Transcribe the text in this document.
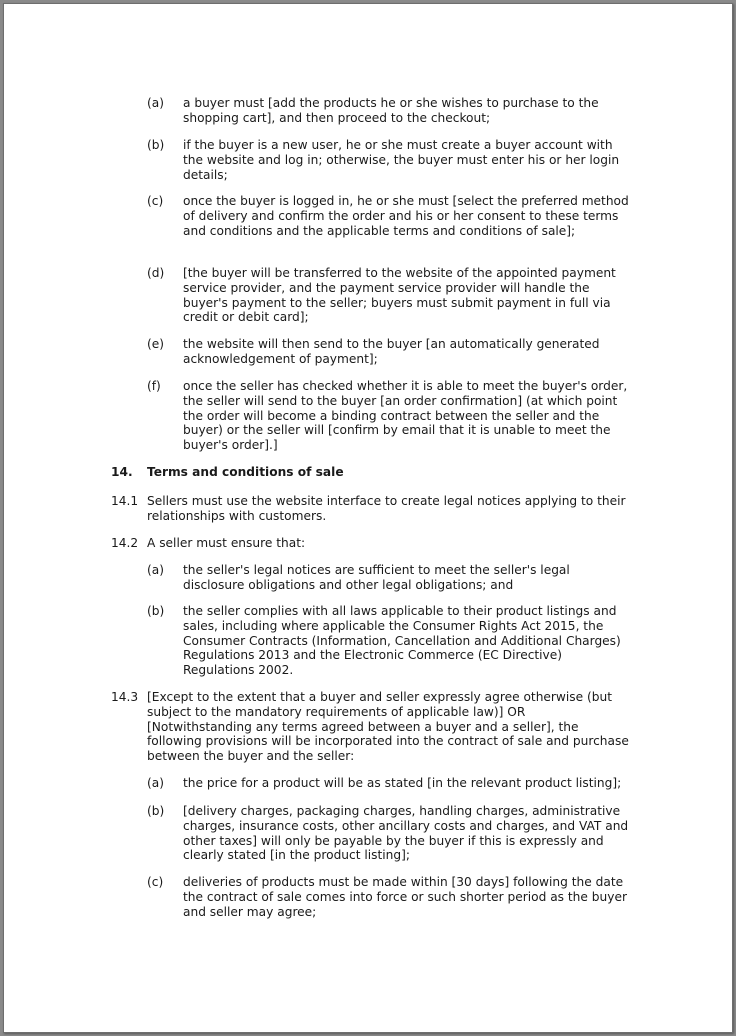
(a) a buyer must [add the products he or she wishes to purchase to the shopping cart], and then proceed to the checkout;
(b) if the buyer is a new user, he or she must create a buyer account with the website and log in; otherwise, the buyer must enter his or her login details;
(c) once the buyer is logged in, he or she must [select the preferred method of delivery and confirm the order and his or her consent to these terms and conditions and the applicable terms and conditions of sale];
(d) [the buyer will be transferred to the website of the appointed payment service provider, and the payment service provider will handle the buyer's payment to the seller; buyers must submit payment in full via credit or debit card];
(e) the website will then send to the buyer [an automatically generated acknowledgement of payment];
(f) once the seller has checked whether it is able to meet the buyer's order, the seller will send to the buyer [an order confirmation] (at which point the order will become a binding contract between the seller and the buyer) or the seller will [confirm by email that it is unable to meet the buyer's order].]
14. Terms and conditions of sale
14.1 Sellers must use the website interface to create legal notices applying to their relationships with customers.
14.2 A seller must ensure that:
(a) the seller's legal notices are sufficient to meet the seller's legal disclosure obligations and other legal obligations; and
(b) the seller complies with all laws applicable to their product listings and sales, including where applicable the Consumer Rights Act 2015, the Consumer Contracts (Information, Cancellation and Additional Charges) Regulations 2013 and the Electronic Commerce (EC Directive) Regulations 2002.
14.3 [Except to the extent that a buyer and seller expressly agree otherwise (but subject to the mandatory requirements of applicable law)] OR [Notwithstanding any terms agreed between a buyer and a seller], the following provisions will be incorporated into the contract of sale and purchase between the buyer and the seller:
(a) the price for a product will be as stated [in the relevant product listing];
(b) [delivery charges, packaging charges, handling charges, administrative charges, insurance costs, other ancillary costs and charges, and VAT and other taxes] will only be payable by the buyer if this is expressly and clearly stated [in the product listing];
(c) deliveries of products must be made within [30 days] following the date the contract of sale comes into force or such shorter period as the buyer and seller may agree;
